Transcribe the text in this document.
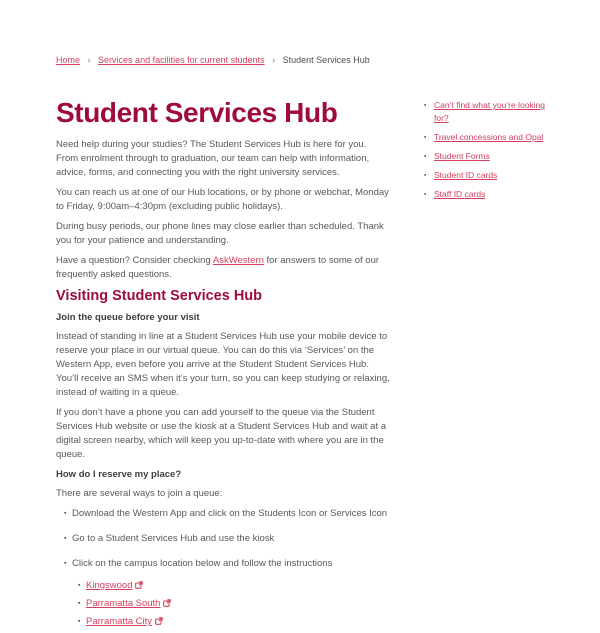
Home › Services and facilities for current students › Student Services Hub
Student Services Hub

Need help during your studies? The Student Services Hub is here for you. From enrolment through to graduation, our team can help with information, advice, forms, and connecting you with the right university services.

You can reach us at one of our Hub locations, or by phone or webchat, Monday to Friday, 9:00am–4:30pm (excluding public holidays).

During busy periods, our phone lines may close earlier than scheduled. Thank you for your patience and understanding.

Have a question? Consider checking AskWestern for answers to some of our frequently asked questions.

Visiting Student Services Hub
Join the queue before your visit

Instead of standing in line at a Student Services Hub use your mobile device to reserve your place in our virtual queue. You can do this via ‘Services’ on the Western App, even before you arrive at the Student Student Services Hub. You’ll receive an SMS when it’s your turn, so you can keep studying or relaxing, instead of waiting in a queue.

If you don’t have a phone you can add yourself to the queue via the Student Services Hub website or use the kiosk at a Student Services Hub and wait at a digital screen nearby, which will keep you up-to-date with where you are in the queue.

How do I reserve my place?

There are several ways to join a queue:

▪ Download the Western App and click on the Students Icon or Services Icon
▪ Go to a Student Services Hub and use the kiosk
▪ Click on the campus location below and follow the instructions
▪ Kingswood
▪ Parramatta South
▪ Parramatta City
▪ Can’t find what you’re looking for?
▪ Travel concessions and Opal
▪ Student Forms
▪ Student ID cards
▪ Staff ID cards
